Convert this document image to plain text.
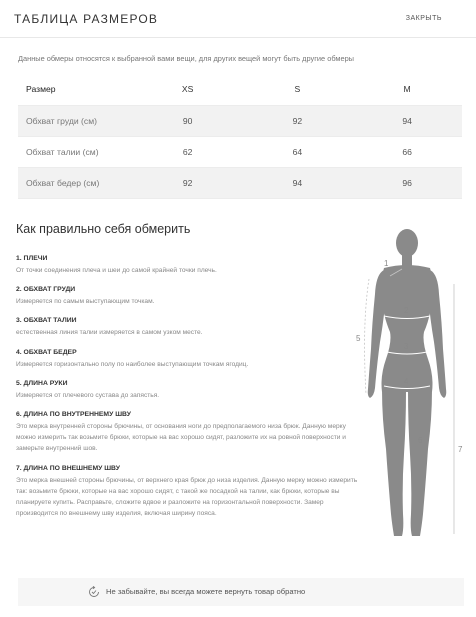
ТАБЛИЦА РАЗМЕРОВ	ЗАКРЫТЬ
Данные обмеры относятся к выбранной вами вещи, для других вещей могут быть другие обмеры
Размер	XS	S	M
Обхват груди (см)	90	92	94
Обхват талии (см)	62	64	66
Обхват бедер (см)	92	94	96
Как правильно себя обмерить
1. ПЛЕЧИ
От точки соединения плеча и шеи до самой крайней точки плечь.
2. ОБХВАТ ГРУДИ
Измеряется по самым выступающим точкам.
3. ОБХВАТ ТАЛИИ
естественная линия талии измеряется в самом узком месте.
4. ОБХВАТ БЕДЕР
Измеряется горизонтально полу по наиболее выступающим точкам ягодиц.
5. ДЛИНА РУКИ
Измеряется от плечевого сустава до запястья.
6. ДЛИНА ПО ВНУТРЕННЕМУ ШВУ
Это мерка внутренней стороны брючины, от основания ноги до предполагаемого низа брюк. Данную мерку можно измерить так возьмите брюки, которые на вас хорошо сидят, разложите их на ровной поверхности и замерьте внутренний шов.
7. ДЛИНА ПО ВНЕШНЕМУ ШВУ
Это мерка внешней стороны брючины, от верхнего края брюк до низа изделия. Данную мерку можно измерить так: возьмите брюки, которые на вас хорошо сидят, с такой же посадкой на талии, как брюки, которые вы планируете купить. Расправьте, сложите вдвое и разложите на горизонтальной поверхности. Замер производится по внешнему шву изделия, включая ширину пояса.
1
2
3
4
5
6
7
Не забывайте, вы всегда можете вернуть товар обратно
